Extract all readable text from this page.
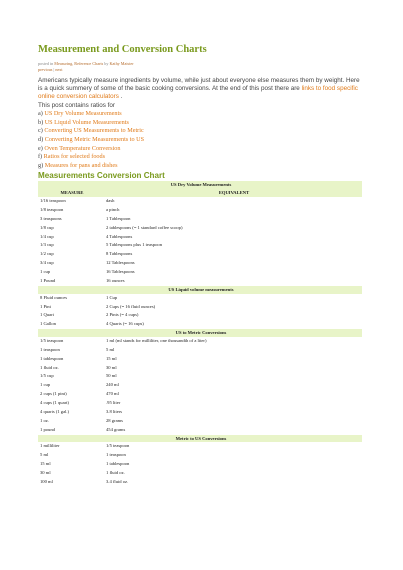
Measurement and Conversion Charts
posted in Measuring, Reference Charts by Kathy Maister
previous | next
Americans typically measure ingredients by volume, while just about everyone else measures them by weight. Here is a quick summery of some of the basic cooking conversions. At the end of this post there are links to food specific online conversion calculators .
This post contains ratios for
a) US Dry Volume Measurements
b) US Liquid Volume Measurements
c) Converting US Measurements to Metric
d) Converting Metric Measurements to US
e) Oven Temperature Conversion
f) Ratios for selected foods
g) Measures for pans and dishes
Measurements Conversion Chart
US Dry Volume Measurements	
MEASURE	EQUIVALENT
1/16 teaspoon	dash
1/8 teaspoon	a pinch
3 teaspoons	1 Tablespoon
1/8 cup	2 tablespoons (= 1 standard coffee scoop)
1/4 cup	4 Tablespoons
1/3 cup	5 Tablespoons plus 1 teaspoon
1/2 cup	8 Tablespoons
3/4 cup	12 Tablespoons
1 cup	16 Tablespoons
1 Pound	16 ounces
US Liquid volume measurements	
8 Fluid ounces	1 Cup
1 Pint	2 Cups (= 16 fluid ounces)
1 Quart	2 Pints (= 4 cups)
1 Gallon	4 Quarts (= 16 cups)
US to Metric Conversions	
1/5 teaspoon	1 ml (ml stands for milliliter, one thousandth of a liter)
1 teaspoon	5 ml
1 tablespoon	15 ml
1 fluid oz.	30 ml
1/5 cup	50 ml
1 cup	240 ml
2 cups (1 pint)	470 ml
4 cups (1 quart)	.95 liter
4 quarts (1 gal.)	3.8 liters
1 oz.	28 grams
1 pound	454 grams
Metric to US Conversions	
1 milliliter	1/5 teaspoon
5 ml	1 teaspoon
15 ml	1 tablespoon
30 ml	1 fluid oz.
100 ml	3.4 fluid oz.
